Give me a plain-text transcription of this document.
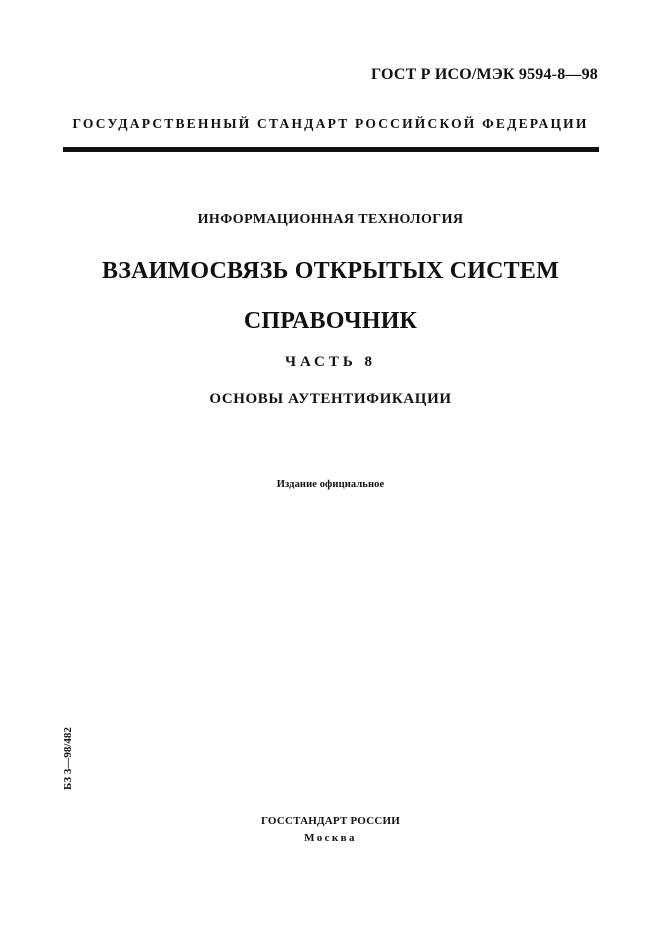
ГОСТ Р ИСО/МЭК 9594-8—98
ГОСУДАРСТВЕННЫЙ СТАНДАРТ РОССИЙСКОЙ ФЕДЕРАЦИИ
ИНФОРМАЦИОННАЯ ТЕХНОЛОГИЯ
ВЗАИМОСВЯЗЬ ОТКРЫТЫХ СИСТЕМ
СПРАВОЧНИК
ЧАСТЬ 8
ОСНОВЫ АУТЕНТИФИКАЦИИ
Издание официальное
БЗ 3—98/482
ГОССТАНДАРТ РОССИИ
Москва
